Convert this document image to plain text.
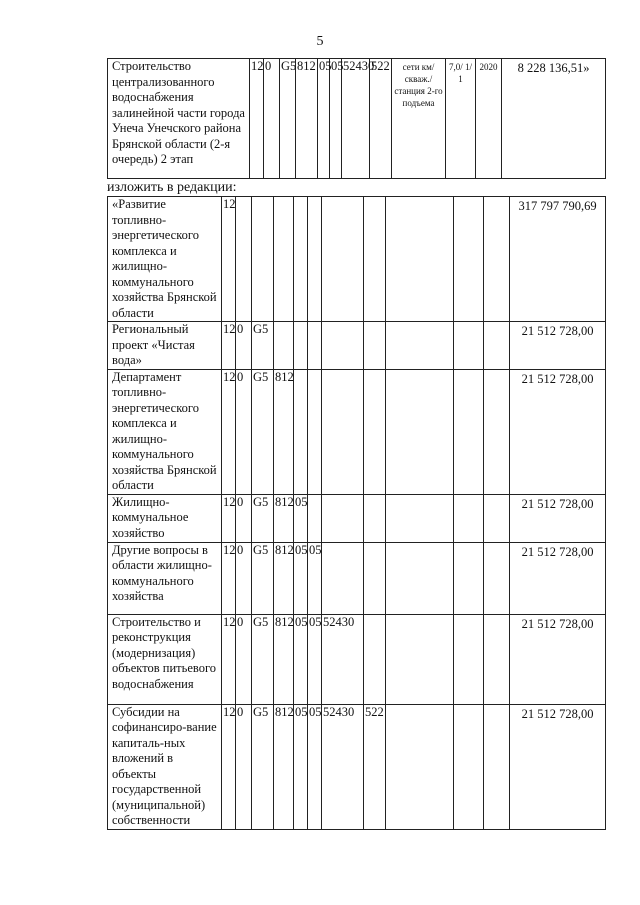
5
Строительство централизованного водоснабжения залинейной части города Унеча Унечского района Брянской области (2-я очередь) 2 этап	12	0	G5	812	05	05	52430	522	сети км/ скваж./ станция 2-го подъема	7,0/ 1/ 1	2020	8 228 136,51»
изложить в редакции:
«Развитие топливно-энергетического комплекса и жилищно-коммунального хозяйства Брянской области	12											317 797 790,69
Региональный проект «Чистая вода»	12	0	G5									21 512 728,00
Департамент топливно-энергетического комплекса и жилищно-коммунального хозяйства Брянской области	12	0	G5	812								21 512 728,00
Жилищно-коммунальное хозяйство	12	0	G5	812	05							21 512 728,00
Другие вопросы в области жилищно-коммунального хозяйства	12	0	G5	812	05	05						21 512 728,00
Строительство и реконструкция (модернизация) объектов питьевого водоснабжения	12	0	G5	812	05	05	52430					21 512 728,00
Субсидии на софинансиро-вание капиталь-ных вложений в объекты государственной (муниципальной) собственности	12	0	G5	812	05	05	52430	522				21 512 728,00
